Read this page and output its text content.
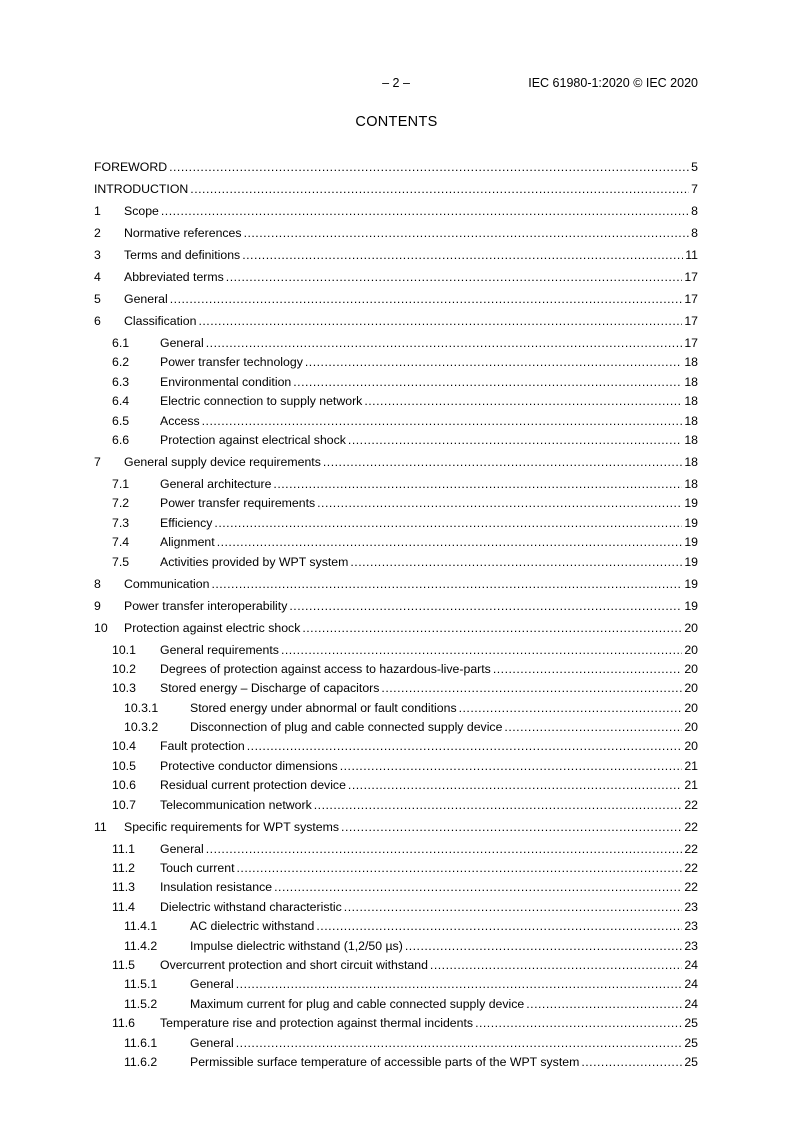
– 2 –	IEC 61980-1:2020 © IEC 2020
CONTENTS
FOREWORD .....	5
INTRODUCTION .....	7
1	Scope .....	8
2	Normative references .....	8
3	Terms and definitions .....	11
4	Abbreviated terms .....	17
5	General .....	17
6	Classification .....	17
6.1	General .....	17
6.2	Power transfer technology .....	18
6.3	Environmental condition .....	18
6.4	Electric connection to supply network .....	18
6.5	Access .....	18
6.6	Protection against electrical shock .....	18
7	General supply device requirements .....	18
7.1	General architecture .....	18
7.2	Power transfer requirements .....	19
7.3	Efficiency .....	19
7.4	Alignment .....	19
7.5	Activities provided by WPT system .....	19
8	Communication .....	19
9	Power transfer interoperability .....	19
10	Protection against electric shock .....	20
10.1	General requirements .....	20
10.2	Degrees of protection against access to hazardous-live-parts .....	20
10.3	Stored energy – Discharge of capacitors .....	20
10.3.1	Stored energy under abnormal or fault conditions .....	20
10.3.2	Disconnection of plug and cable connected supply device .....	20
10.4	Fault protection .....	20
10.5	Protective conductor dimensions .....	21
10.6	Residual current protection device .....	21
10.7	Telecommunication network .....	22
11	Specific requirements for WPT systems .....	22
11.1	General .....	22
11.2	Touch current .....	22
11.3	Insulation resistance .....	22
11.4	Dielectric withstand characteristic .....	23
11.4.1	AC dielectric withstand .....	23
11.4.2	Impulse dielectric withstand (1,2/50 µs) .....	23
11.5	Overcurrent protection and short circuit withstand .....	24
11.5.1	General .....	24
11.5.2	Maximum current for plug and cable connected supply device .....	24
11.6	Temperature rise and protection against thermal incidents .....	25
11.6.1	General .....	25
11.6.2	Permissible surface temperature of accessible parts of the WPT system .....	25
